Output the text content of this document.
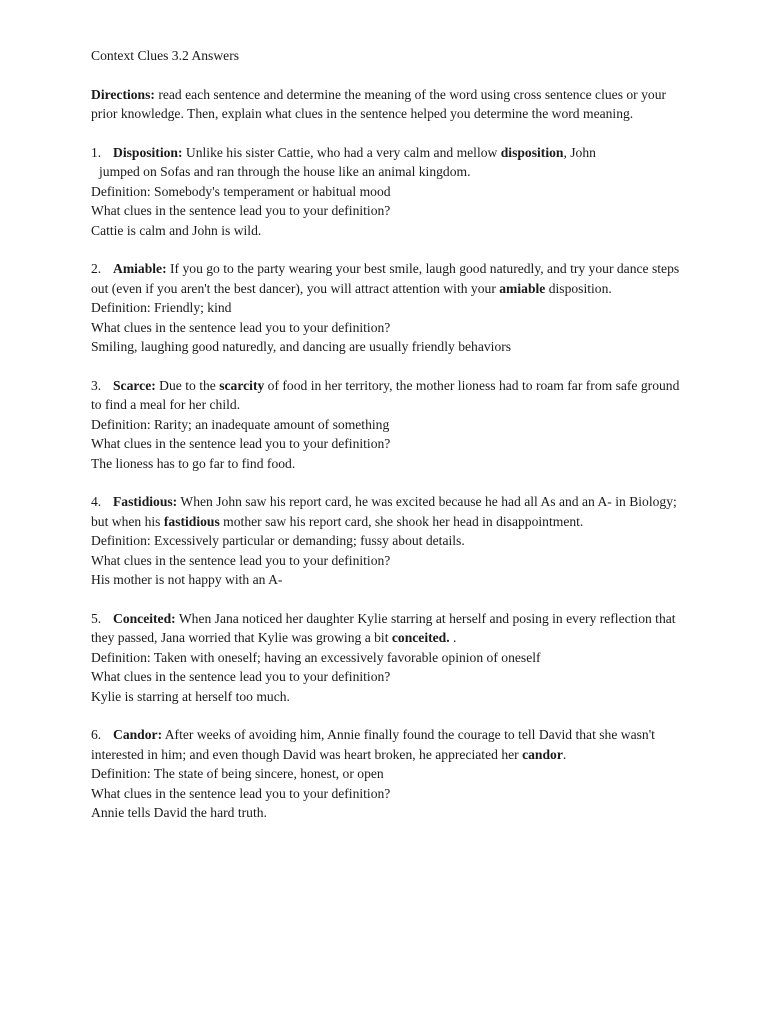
Context Clues 3.2 Answers

Directions: read each sentence and determine the meaning of the word using cross sentence clues or your prior knowledge. Then, explain what clues in the sentence helped you determine the word meaning.

1. Disposition: Unlike his sister Cattie, who had a very calm and mellow disposition, John

jumped on Sofas and ran through the house like an animal kingdom.

Definition: Somebody's temperament or habitual mood

What clues in the sentence lead you to your definition?

Cattie is calm and John is wild.

2. Amiable: If you go to the party wearing your best smile, laugh good naturedly, and try your dance steps out (even if you aren't the best dancer), you will attract attention with your amiable disposition.

Definition: Friendly; kind

What clues in the sentence lead you to your definition?

Smiling, laughing good naturedly, and dancing are usually friendly behaviors

3. Scarce: Due to the scarcity of food in her territory, the mother lioness had to roam far from safe ground to find a meal for her child.

Definition: Rarity; an inadequate amount of something

What clues in the sentence lead you to your definition?

The lioness has to go far to find food.

4. Fastidious: When John saw his report card, he was excited because he had all As and an A- in Biology; but when his fastidious mother saw his report card, she shook her head in disappointment.

Definition: Excessively particular or demanding; fussy about details.

What clues in the sentence lead you to your definition?

His mother is not happy with an A-

5. Conceited: When Jana noticed her daughter Kylie starring at herself and posing in every reflection that they passed, Jana worried that Kylie was growing a bit conceited. .

Definition: Taken with oneself; having an excessively favorable opinion of oneself

What clues in the sentence lead you to your definition?

Kylie is starring at herself too much.

6. Candor: After weeks of avoiding him, Annie finally found the courage to tell David that she wasn't interested in him; and even though David was heart broken, he appreciated her candor.

Definition: The state of being sincere, honest, or open

What clues in the sentence lead you to your definition?

Annie tells David the hard truth.
